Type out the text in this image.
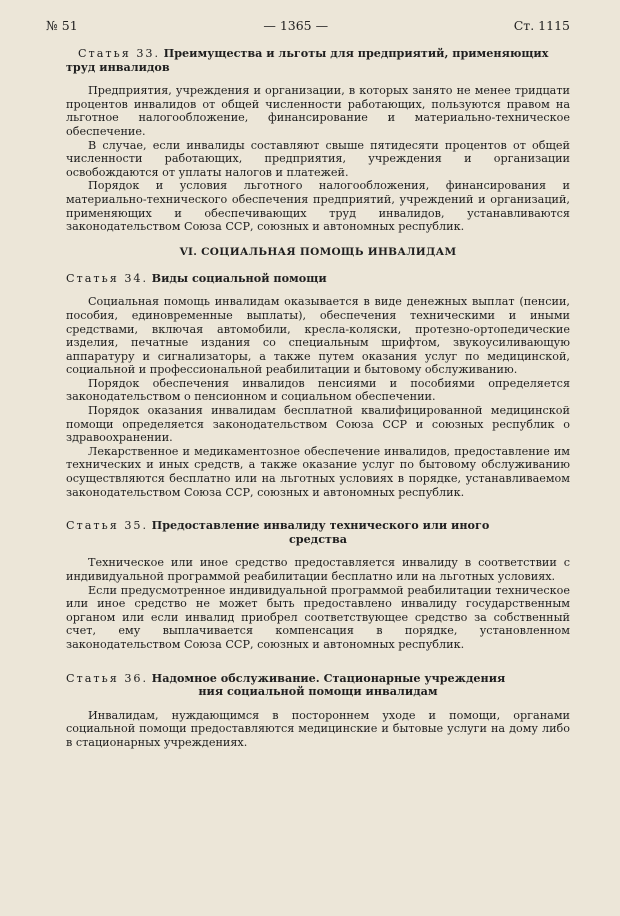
№ 51	— 1365 —	Ст. 1115
Статья 33. Преимущества и льготы для предприятий, применяющих труд инвалидов

Предприятия, учреждения и организации, в которых занято не менее тридцати процентов инвалидов от общей численности работающих, пользуются правом на льготное налогообложение, финансирование и материально-техническое обеспечение.

В случае, если инвалиды составляют свыше пятидесяти процентов от общей численности работающих, предприятия, учреждения и организации освобождаются от уплаты налогов и платежей.

Порядок и условия льготного налогообложения, финансирования и материально-технического обеспечения предприятий, учреждений и организаций, применяющих и обеспечивающих труд инвалидов, устанавливаются законодательством Союза ССР, союзных и автономных республик.

VI. СОЦИАЛЬНАЯ ПОМОЩЬ ИНВАЛИДАМ
Статья 34. Виды социальной помощи

Социальная помощь инвалидам оказывается в виде денежных выплат (пенсии, пособия, единовременные выплаты), обеспечения техническими и иными средствами, включая автомобили, кресла-коляски, протезно-ортопедические изделия, печатные издания со специальным шрифтом, звукоусиливающую аппаратуру и сигнализаторы, а также путем оказания услуг по медицинской, социальной и профессиональной реабилитации и бытовому обслуживанию.

Порядок обеспечения инвалидов пенсиями и пособиями определяется законодательством о пенсионном и социальном обеспечении.

Порядок оказания инвалидам бесплатной квалифицированной медицинской помощи определяется законодательством Союза ССР и союзных республик о здравоохранении.

Лекарственное и медикаментозное обеспечение инвалидов, предоставление им технических и иных средств, а также оказание услуг по бытовому обслуживанию осуществляются бесплатно или на льготных условиях в порядке, устанавливаемом законодательством Союза ССР, союзных и автономных республик.

Статья 35. Предоставление инвалиду технического или иного
средства

Техническое или иное средство предоставляется инвалиду в соответствии с индивидуальной программой реабилитации бесплатно или на льготных условиях.

Если предусмотренное индивидуальной программой реабилитации техническое или иное средство не может быть предоставлено инвалиду государственным органом или если инвалид приобрел соответствующее средство за собственный счет, ему выплачивается компенсация в порядке, установленном законодательством Союза ССР, союзных и автономных республик.

Статья 36. Надомное обслуживание. Стационарные учреждения
ния социальной помощи инвалидам

Инвалидам, нуждающимся в постороннем уходе и помощи, органами социальной помощи предоставляются медицинские и бытовые услуги на дому либо в стационарных учреждениях.
